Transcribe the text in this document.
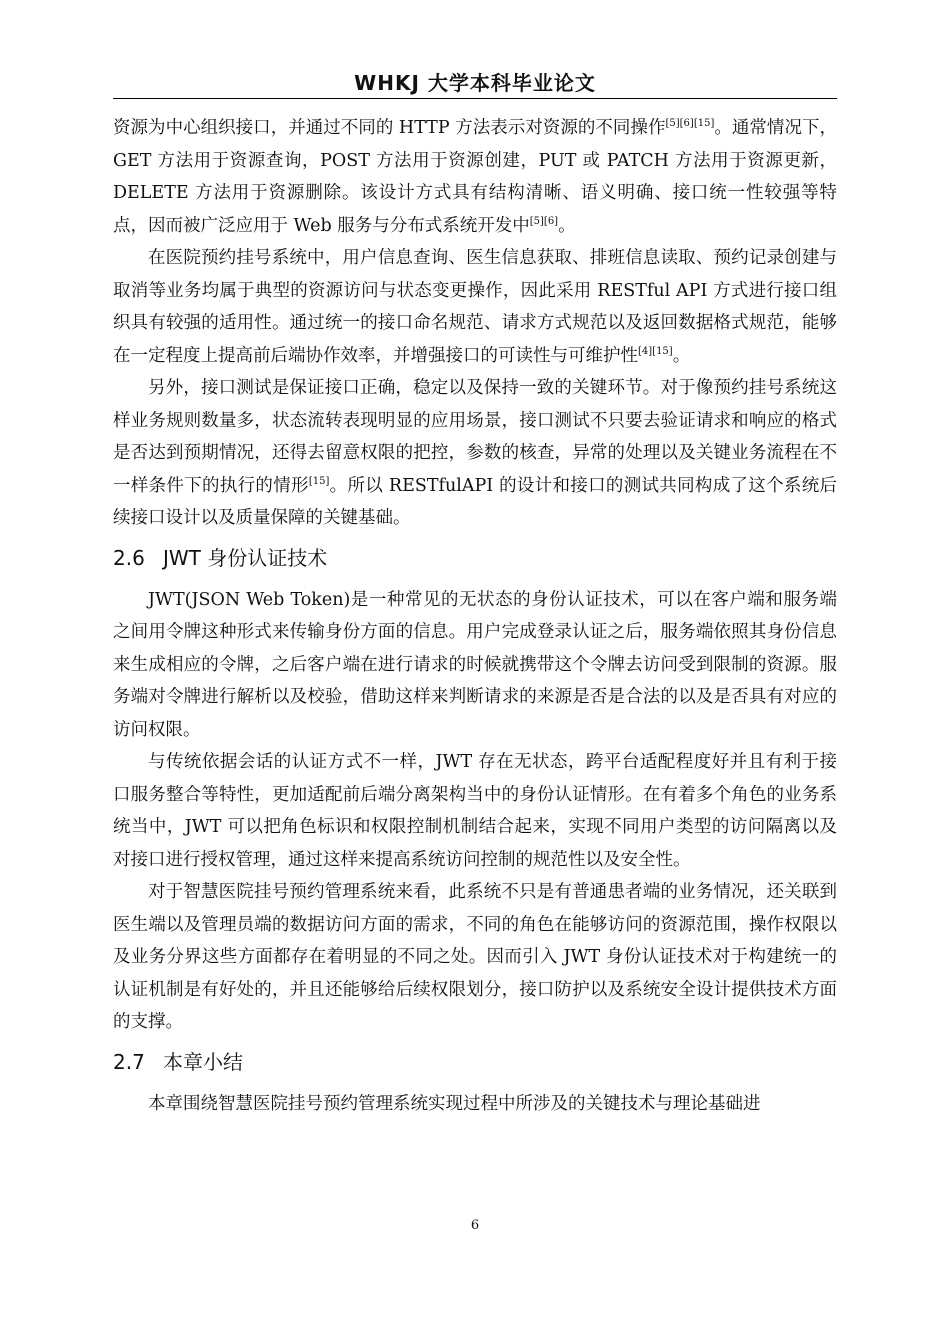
WHKJ 大学本科毕业论文

资源为中心组织接口，并通过不同的 HTTP 方法表示对资源的不同操作[5][6][15]。通常情况下，GET 方法用于资源查询，POST 方法用于资源创建，PUT 或 PATCH 方法用于资源更新，DELETE 方法用于资源删除。该设计方式具有结构清晰、语义明确、接口统一性较强等特点，因而被广泛应用于 Web 服务与分布式系统开发中[5][6]。

在医院预约挂号系统中，用户信息查询、医生信息获取、排班信息读取、预约记录创建与取消等业务均属于典型的资源访问与状态变更操作，因此采用 RESTful API 方式进行接口组织具有较强的适用性。通过统一的接口命名规范、请求方式规范以及返回数据格式规范，能够在一定程度上提高前后端协作效率，并增强接口的可读性与可维护性[4][15]。

另外，接口测试是保证接口正确，稳定以及保持一致的关键环节。对于像预约挂号系统这样业务规则数量多，状态流转表现明显的应用场景，接口测试不只要去验证请求和响应的格式是否达到预期情况，还得去留意权限的把控，参数的核查，异常的处理以及关键业务流程在不一样条件下的执行的情形[15]。所以 RESTfulAPI 的设计和接口的测试共同构成了这个系统后续接口设计以及质量保障的关键基础。

2.6 JWT 身份认证技术

JWT(JSON Web Token)是一种常见的无状态的身份认证技术，可以在客户端和服务端之间用令牌这种形式来传输身份方面的信息。用户完成登录认证之后，服务端依照其身份信息来生成相应的令牌，之后客户端在进行请求的时候就携带这个令牌去访问受到限制的资源。服务端对令牌进行解析以及校验，借助这样来判断请求的来源是否是合法的以及是否具有对应的访问权限。

与传统依据会话的认证方式不一样，JWT 存在无状态，跨平台适配程度好并且有利于接口服务整合等特性，更加适配前后端分离架构当中的身份认证情形。在有着多个角色的业务系统当中，JWT 可以把角色标识和权限控制机制结合起来，实现不同用户类型的访问隔离以及对接口进行授权管理，通过这样来提高系统访问控制的规范性以及安全性。

对于智慧医院挂号预约管理系统来看，此系统不只是有普通患者端的业务情况，还关联到医生端以及管理员端的数据访问方面的需求，不同的角色在能够访问的资源范围，操作权限以及业务分界这些方面都存在着明显的不同之处。因而引入 JWT 身份认证技术对于构建统一的认证机制是有好处的，并且还能够给后续权限划分，接口防护以及系统安全设计提供技术方面的支撑。

2.7 本章小结

本章围绕智慧医院挂号预约管理系统实现过程中所涉及的关键技术与理论基础进

6
